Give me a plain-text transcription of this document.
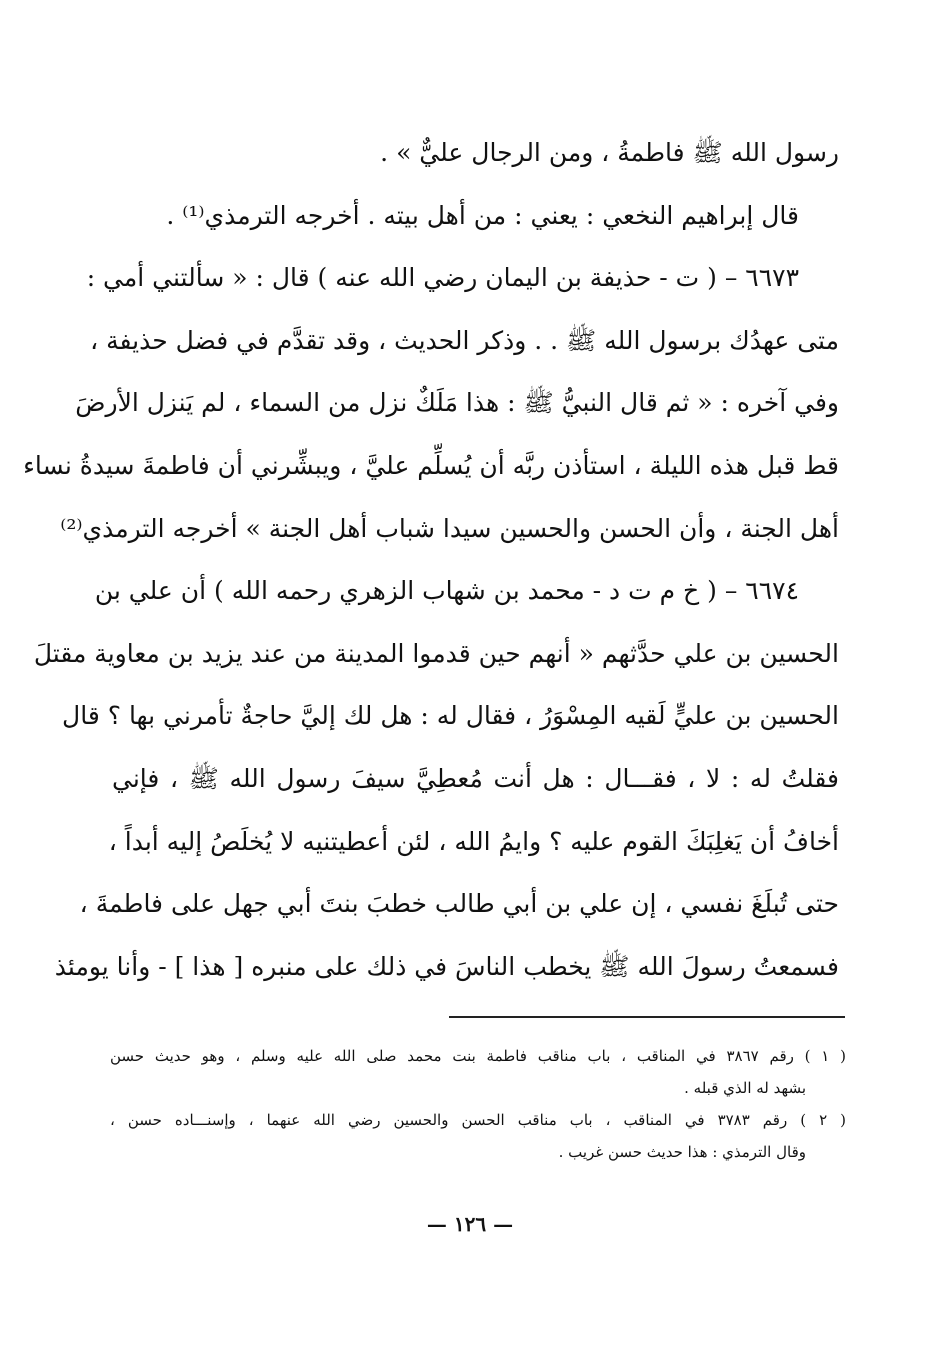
رسول الله ﷺ فاطمةُ ، ومن الرجال عليٌّ » .
قال إبراهيم النخعي : يعني : من أهل بيته . أخرجه الترمذي⁽¹⁾ .
٦٦٧٣ – ( ت - حذيفة بن اليمان رضي الله عنه ) قال : « سألتني أمي :
متى عهدُك برسول الله ﷺ . . وذكر الحديث ، وقد تقدَّم في فضل حذيفة ،
وفي آخره : « ثم قال النبيُّ ﷺ : هذا مَلَكٌ نزل من السماء ، لم يَنزل الأرضَ
قط قبل هذه الليلة ، استأذن ربَّه أن يُسلِّم عليَّ ، ويبشِّرني أن فاطمةَ سيدةُ نساء
أهل الجنة ، وأن الحسن والحسين سيدا شباب أهل الجنة » أخرجه الترمذي⁽²⁾
٦٦٧٤ – ( خ م ت د - محمد بن شهاب الزهري رحمه الله ) أن علي بن
الحسين بن علي حدَّثهم « أنهم حين قدموا المدينة من عند يزيد بن معاوية مقتلَ
الحسين بن عليٍّ لَقيه المِسْوَرُ ، فقال له : هل لك إليَّ حاجةٌ تأمرني بها ؟ قال
فقلتُ له : لا ، فقـــال : هل أنت مُعطِيَّ سيفَ رسول الله ﷺ ، فإني
أخافُ أن يَغلِبَكَ القوم عليه ؟ وايمُ الله ، لئن أعطيتنيه لا يُخلَصُ إليه أبداً ،
حتى تُبلَغَ نفسي ، إن علي بن أبي طالب خطبَ بنتَ أبي جهل على فاطمةَ ،
فسمعتُ رسولَ الله ﷺ يخطب الناسَ في ذلك على منبره [ هذا ] - وأنا يومئذ
( ١ ) رقم ٣٨٦٧ في المناقب ، باب مناقب فاطمة بنت محمد صلى الله عليه وسلم ، وهو حديث حسن
بشهد له الذي قبله .
( ٢ ) رقم ٣٧٨٣ في المناقب ، باب مناقب الحسن والحسين رضي الله عنهما ، وإسنـــاده حسن ،
وقال الترمذي : هذا حديث حسن غريب .
— ١٢٦ —
